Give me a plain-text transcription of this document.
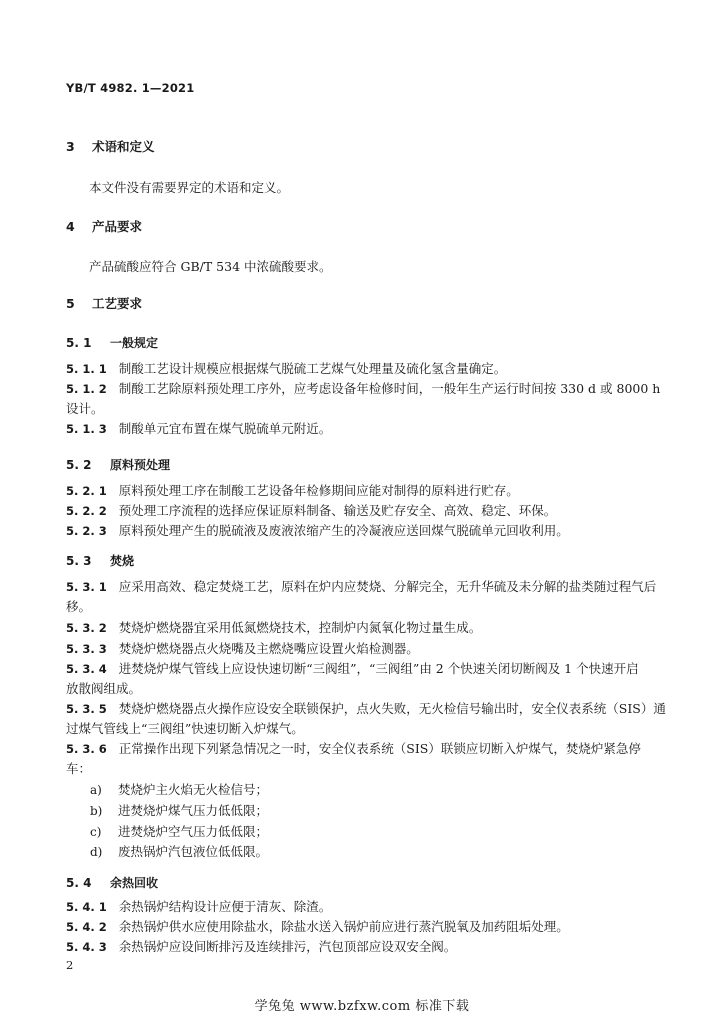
YB/T 4982. 1—2021
3 术语和定义
本文件没有需要界定的术语和定义。
4 产品要求
产品硫酸应符合 GB/T 534 中浓硫酸要求。
5 工艺要求
5. 1 一般规定
5. 1. 1 制酸工艺设计规模应根据煤气脱硫工艺煤气处理量及硫化氢含量确定。
5. 1. 2 制酸工艺除原料预处理工序外，应考虑设备年检修时间，一般年生产运行时间按 330 d 或 8000 h
设计。
5. 1. 3 制酸单元宜布置在煤气脱硫单元附近。
5. 2 原料预处理
5. 2. 1 原料预处理工序在制酸工艺设备年检修期间应能对制得的原料进行贮存。
5. 2. 2 预处理工序流程的选择应保证原料制备、输送及贮存安全、高效、稳定、环保。
5. 2. 3 原料预处理产生的脱硫液及废液浓缩产生的冷凝液应送回煤气脱硫单元回收利用。
5. 3 焚烧
5. 3. 1 应采用高效、稳定焚烧工艺，原料在炉内应焚烧、分解完全，无升华硫及未分解的盐类随过程气后
移。
5. 3. 2 焚烧炉燃烧器宜采用低氮燃烧技术，控制炉内氮氧化物过量生成。
5. 3. 3 焚烧炉燃烧器点火烧嘴及主燃烧嘴应设置火焰检测器。
5. 3. 4 进焚烧炉煤气管线上应设快速切断“三阀组”，“三阀组”由 2 个快速关闭切断阀及 1 个快速开启
放散阀组成。
5. 3. 5 焚烧炉燃烧器点火操作应设安全联锁保护，点火失败，无火检信号输出时，安全仪表系统（SIS）通
过煤气管线上“三阀组”快速切断入炉煤气。
5. 3. 6 正常操作出现下列紧急情况之一时，安全仪表系统（SIS）联锁应切断入炉煤气，焚烧炉紧急停
车：
a) 焚烧炉主火焰无火检信号；
b) 进焚烧炉煤气压力低低限；
c) 进焚烧炉空气压力低低限；
d) 废热锅炉汽包液位低低限。
5. 4 余热回收
5. 4. 1 余热锅炉结构设计应便于清灰、除渣。
5. 4. 2 余热锅炉供水应使用除盐水，除盐水送入锅炉前应进行蒸汽脱氧及加药阻垢处理。
5. 4. 3 余热锅炉应设间断排污及连续排污，汽包顶部应设双安全阀。
2
学兔兔 www.bzfxw.com 标准下载
